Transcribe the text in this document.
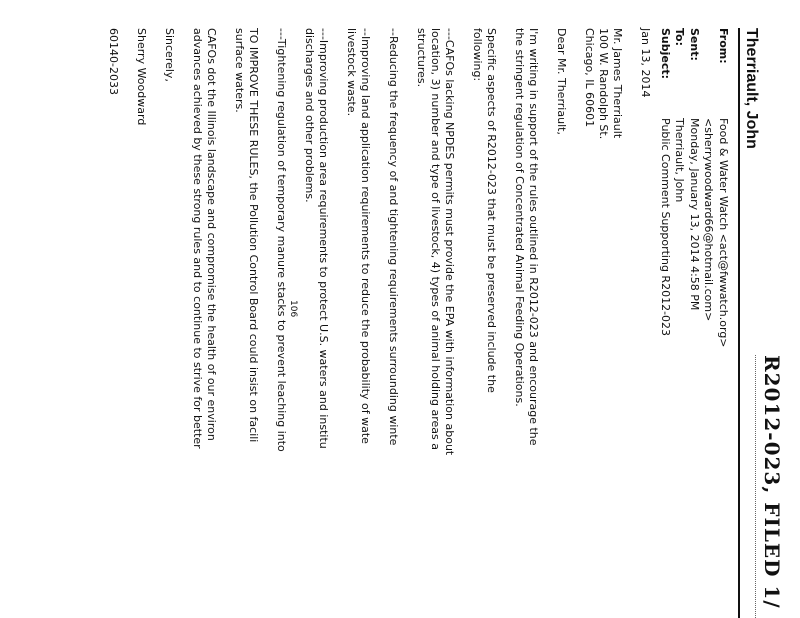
R2012-023, FILED 1/
Therriault, John
From:
Food & Water Watch <act@fwwatch.org>
<sherrywoodward66@hotmail.com>
Sent:
Monday, January 13, 2014 4:58 PM
To:
Therriault, John
Subject:
Public Comment Supporting R2012-023
Jan 13, 2014
Mr. James Therriault
100 W. Randolph St.
Chicago, IL 60601
Dear Mr. Therriault,
I'm writing in support of the rules outlined in R2012-023 and encourage the
the stringent regulation of Concentrated Animal Feeding Operations.
Specific aspects of R2012-023 that must be preserved include the
following:
---CAFOs lacking NPDES permits must provide the EPA with information about
location, 3) number and type of livestock, 4) types of animal holding areas a
structures.
--Reducing the frequency of and tightening requirements surrounding winte
--Improving land application requirements to reduce the probability of wate
livestock waste.
---Improving production area requirements to protect U.S. waters and institu
discharges and other problems.
---Tightening regulation of temporary manure stacks to prevent leaching into
TO IMPROVE THESE RULES, the Pollution Control Board could insist on facili
surface waters.
CAFOs dot the Illinois landscape and compromise the health of our environ
advances achieved by these strong rules and to continue to strive for better
Sincerely,
Sherry Woodward
60140-2033
106
